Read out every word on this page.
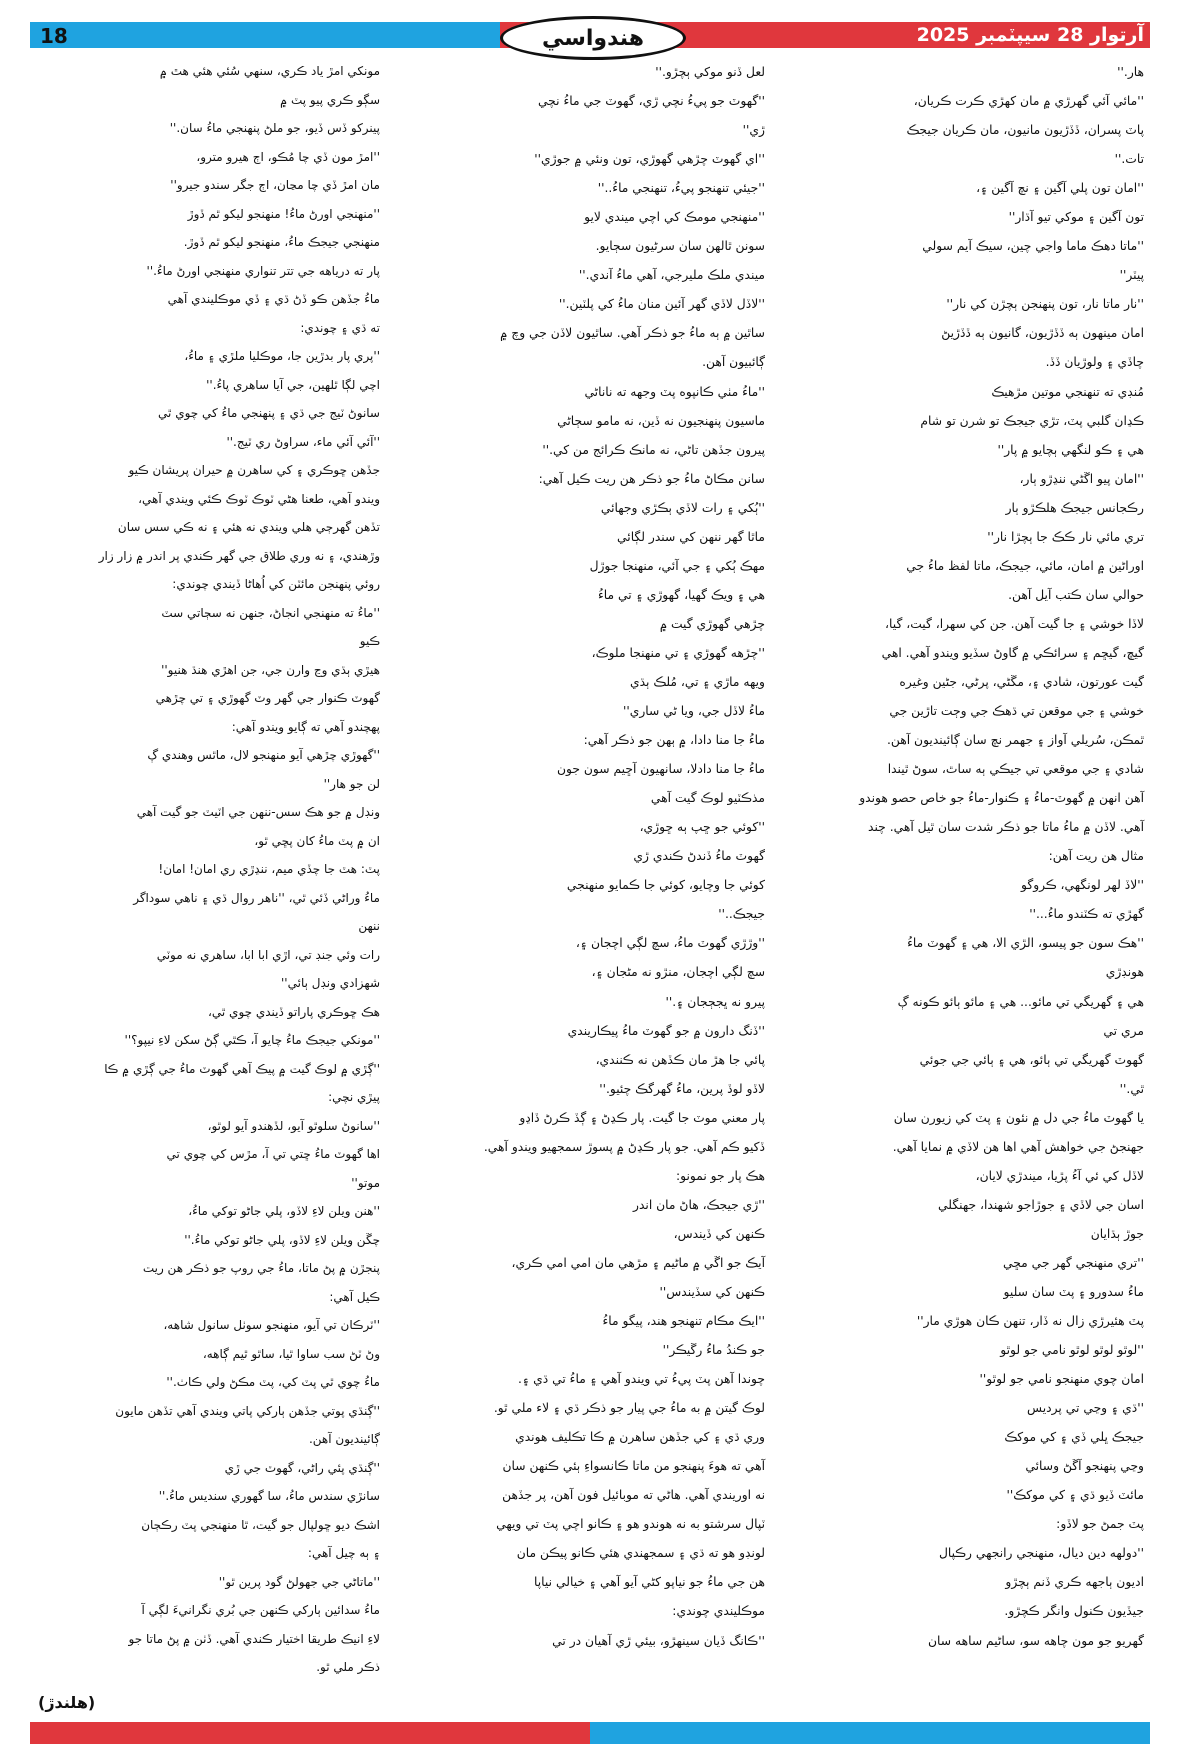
18	هندواسي	آرتوار 28 سيپٽمبر 2025

هار.''

''مائي آئي گهرڙي ۾ مان کهڙي ڪرت ڪريان،

پاٽ پسران، ڏڏڙيون مانيون، مان ڪريان جيجڪ

تات.''

''امان تون پلي آگين ۽ نچ آگين ۽،

تون آگين ۽ موکي تيو آڌار''

''ماتا دهڪ ماما واجي چين، سيڪ آيم سولي

پيٽر''

''نار ماتا نار، تون پنهنجن ٻچڙن کي نار''

امان مينهون ٻه ڏڏڙيون، گانيون ٻه ڏڏڙيڻ

چاڏي ۽ ولوڙيان ڏڏ.

مُنڊي ته تنهنجي موتين مڙهيڪ

ڪڍان گلبي پٽ، تڙي جيجڪ تو شرن تو شام

هي ۽ ڪو لنگهي ٻچايو ۾ پار''

''امان پيو اڱڻي ننڍڙو ٻار،

رڪجانس جيجڪ هلڪڙو ٻار

تري مائي نار ڪڪ جا ٻچڙا نار''

اوراڻين ۾ امان، مائي، جيجڪ، ماتا لفظ ماءُ جي

حوالي سان ڪتب آيل آهن.

لاڏا خوشي ۽ جا گيت آهن. جن کي سهرا، گيت، گيا،

گيڇ، گيڇم ۽ سرائڪي ۾ گاوڻ سڏيو ويندو آهي. اهي

گيت عورتون، شادي ۽، مڱڻي، پرڻي، جڻين وغيره

خوشي ۽ جي موقعن تي ڌهڪ جي وڄت تاڙين جي

ٿمڪن، سُريلي آواز ۽ جهمر نچ سان ڳائينديون آهن.

شادي ۽ جي موقعي تي جيڪي ٻه ساٿ، سوڻ ٿيندا

آهن انهن ۾ گهوٽ-ماءُ ۽ ڪنوار-ماءُ جو خاص حصو هوندو

آهي. لاڏن ۾ ماءُ ماتا جو ذڪر شدت سان ٿيل آهي. چند

مثال هن ريت آهن:

''لاڏ لهر لونگهي، ڪروگو

گهڙي ته ڪٽندو ماءُ...''

''هڪ سون جو پيسو، الڙي الا، هي ۽ گهوٽ ماءُ

هونڊڙي

هي ۽ گهريگي تي مائو... هي ۽ مائو ٻائو ڪونه ڳ

مري تي

گهوٽ گهريگي تي ٻائو، هي ۽ ٻائي جي جوئي

ٿي.''

يا گهوٽ ماءُ جي دل ۾ نئون ۽ پٽ کي زيورن سان

جهنجڻ جي خواهش آهي اها هن لاڏي ۾ نمايا آهي.

لاڏل کي ئي آءُ پڙيا، ميندڙي لايان،

اسان جي لاڏي ۽ جوڙاجو شهندا، جهنگلي

جوڙ ٻڌايان

''تري منهنجي گهر جي مڇي

ماءُ سدورو ۽ پٽ سان سليو

پٽ هئيرڙي زال نه ڏار، تنهن ڪان هوڙي مار''

''لوٿو لوٿو لوٿو نامي جو لوٿو

امان چوي منهنجو نامي جو لوٿو''

''ڌي ۽ وڃي تي پرديس

جيجڪ ڀلي ڏي ۽ کي موکڪ

وڃي پنهنجو آڱڻ وسائي

مائٽ ڏيو ڌي ۽ کي موکڪ''

پٽ جمڻ جو لاڏو:

''دولهه دين ديال، منهنجي رانجهي رڪپال

اديون ٻاجهه ڪري ڏنم ٻچڙو

جيڏيون ڪنول وانگر ڪچڙو.

گهريو جو مون چاهه سو، ساڻيم ساهه سان

لعل ڏنو موکي ٻچڙو.''

''گهوٽ جو پيءُ نچي ڙي، گهوٽ جي ماءُ نچي

ڙي''

''اي گهوٽ چڙهي گهوڙي، تون ونئي ۾ جوڙي''

''جيئي تنهنجو پيءُ، تنهنجي ماءُ..''

''منهنجي مومڪ کي اچي ميندي لايو

سونن ٿالهن سان سرڻيون سڄايو.

ميندي ملڪ مليرجي، آهي ماءُ آندي.''

''لاڏل لاڏي گهر آئين منان ماءُ کي پلٽين.''

ساٿين ۾ ٻه ماءُ جو ذڪر آهي. ساٿيون لاڏن جي وچ ۾

ڳائبيون آهن.

''ماءُ مٺي ڪانپوه پٽ وجهه ته ناناڻي

ماسيون پنهنجيون نه ڏين، نه مامو سڄاڻي

پيرون جڏهن تاڻي، نه مانڪ ڪرائج من کي.''

سانن مڪاڻ ماءُ جو ذڪر هن ريت ڪيل آهي:

''ٻُکي ۽ رات لاڏي ٻڪڙي وجهائي

ماٿا گهر ننهن کي سندر لڳائي

مهڪ ٻُکي ۽ جي آئي، منهنجا جوڙل

هي ۽ ويڪ گهيا، گهوڙي ۽ تي ماءُ

چڙهي گهوڙي گيت ۾

''چڙهه گهوڙي ۽ تي منهنجا ملوڪ،

ويهه ماڙي ۽ تي، مُلڪ ٻڌي

ماءُ لاڏل جي، ويا ڻي ساري''

ماءُ جا منا دادا، ۾ ٻهن جو ذڪر آهي:

ماءُ جا منا دادلا، سانهيون آڇيم سون جون

مذڪٽيو لوڪ گيت آهي

''کوئي جو ڇپ ٻه ڇوڙي،

گهوٽ ماءُ ڏندڻ ڪندي ڙي

کوئي جا وچايو، کوئي جا ڪمايو منهنجي

جيجڪ..''

''وڙڙي گهوٽ ماءُ، سچ لڳي اچجان ۽،

سچ لڳي اچجان، منڙو نه مڻجان ۽،

پيرو نه ڀجڄجان ۽.''

''ڏنگ دارون ۾ جو گهوٽ ماءُ پيڪاريندي

پائي جا هڙ مان ڪڏهن نه ڪنندي،

لاڏو لوڏ پرين، ماءُ گهرگڪ چئيو.''

پار معني موٽ جا گيت. پار ڪڍڻ ۽ ڳڏ ڪرڻ ڏاڍو

ڏکيو ڪم آهي. جو پار ڪڍڻ ۾ پسوڙ سمجهيو ويندو آهي.

هڪ پار جو نمونو:

''ڙي جيجڪ، هاڻ مان اندر

ڪنهن کي ڏيندس،

آيڪ جو اڱي ۾ ماڻيم ۽ مڙهي مان امي امي ڪري،

ڪنهن کي سڏيندس''

''ايڪ مڪام تنهنجو هند، پيگو ماءُ

جو ڪندُ ماءُ رڱيڪر''

چوندا آهن پٽ پيءُ تي ويندو آهي ۽ ماءُ تي ڌي ۽.

لوڪ گيتن ۾ به ماءُ جي پيار جو ذڪر ڌي ۽ لاء ملي ٿو.

وري ڌي ۽ کي جڏهن ساهرن ۾ ڪا تڪليف هوندي

آهي ته هوءَ پنهنجو من ماتا ڪانسواءِ ٻئي ڪنهن سان

نه اوريندي آهي. هاڻي ته موبائيل فون آهن، پر جڏهن

ٽپال سرشتو به نه هوندو هو ۽ ڪانو اچي پٽ تي ويهي

لونڊو هو ته ڌي ۽ سمجهندي هئي ڪانو پيڪن مان

هن جي ماءُ جو نياپو کڻي آيو آهي ۽ خيالي نياپا

موڪليندي چوندي:

''ڪانگ ڏيان سينهڙو، بيئي ڙي آهيان در تي

مونکي امڙ ياد ڪري، سنهي سُئي هئي هٿ ۾

سڳو ڪري پيو پٽ ۾

پينرکو ڏس ڏيو، جو ملڻ پنهنجي ماءُ سان.''

''امڙ مون ڏي چا مُڪو، اڄ هيرو مترو،

مان امڙ ڏي چا مڃان، اڄ جگر سندو جيرو''

''منهنجي اورڻ ماءُ! منهنجو ليکو ٿم ڏوڙ

منهنجي جيجڪ ماءُ، منهنجو ليکو ٿم ڏوڙ.

پار ته درياهه جي تتر تنواري منهنجي اورڻ ماءُ.''

ماءُ جڏهن ڪو ڏڻ ڌي ۽ ڏي موڪليندي آهي

ته ڌي ۽ چوندي:

''پري پار بدڙين جا، موڪليا ملڙي ۽ ماءُ،

اچي لڳا ٿلهين، جي آيا ساهري پاءُ.''

سانوڻ ٽيج جي ڌي ۽ پنهنجي ماءُ کي چوي ٿي

''آئي آئي ماء، سراوڻ ري ٽيج.''

جڏهن ڇوڪري ۽ کي ساهرن ۾ حيران پريشان ڪيو

ويندو آهي، طعنا هڻي ٽوڪ ٽوڪ ڪئي ويندي آهي،

تڏهن گهرڄي هلي ويندي نه هئي ۽ نه ڪي سس سان

وڙهندي، ۽ نه وري طلاق جي گهر ڪندي پر اندر ۾ زار زار

روئي پنهنجن مائٽن کي اُهاڻا ڏيندي چوندي:

''ماءُ ته منهنجي انجاڻ، جنهن نه سڄاتي سٽ

ڪيو

هيڙي ٻڌي وڃ وارن جي، جن اهڙي هنڌ هنيو''

گهوٽ ڪنوار جي گهر وٽ گهوڙي ۽ تي چڙهي

پهچندو آهي ته ڳايو ويندو آهي:

''گهوڙي چڙهي آيو منهنجو لال، ماٿس وهندي ڳ

لن جو هار''

ونڊل ۾ جو هڪ سس-ننهن جي اٽيٽ جو گيت آهي

ان ۾ پٽ ماءُ کان پڇي ٿو،

پٽ: هٽ جا چڏي ميم، ننڍڙي ري امان! امان!

ماءُ وراڻي ڏئي ٿي، ''ناهر روال ڌي ۽ ناهي سوداگر

ننهن

رات وئي جنڊ تي، اڙي ابا ابا، ساهري نه موٽي

شهزادي ونڊل ٻائي''

هڪ ڇوڪري پاراتو ڏيندي چوي ٿي،

''مونکي جيجڪ ماءُ چايو آ، ڪٿي ڳڻ سکن لاءِ نيپو؟''

''ڳڙي ۾ لوڪ گيت ۾ پيڪ آهي گهوٽ ماءُ جي ڳڙي ۾ ڪا

پيڙي نچي:

''سانوڻ سلوٿو آيو، لڏهندو آيو لوٿو،

اها گهوٽ ماءُ ڇتي تي آ، مڙس کي چوي تي

موتو''

''هنن ويلن لاءِ لاڏو، پلي جاڻو توکي ماءُ،

چڱن ويلن لاءِ لاڏو، پلي جاڻو توکي ماءُ.''

پنجڙن ۾ پڻ ماتا، ماءُ جي روپ جو ذڪر هن ريت

ڪيل آهي:

''ٽرڪان تي آيو، منهنجو سوٺل سانول شاهه،

وڻ ٽڻ سب ساوا ٿيا، ساٿو ٿيم ڳاهه،

ماءُ چوي ٿي پٽ کي، پٽ مڪڻ ولي ڪاٺ.''

''ڳنڌي پوتي جڏهن ٻارکي پاتي ويندي آهي تڏهن مايون

ڳائينديون آهن.

''ڳنڌي پئي راڻي، گهوٽ جي ڙي

سانڙي سندس ماءُ، سا گهوري سنديس ماءُ.''

اشڪ ديو ڇولپال جو گيت، ٿا منهنجي پٽ رڪڄان

۽ ٻه چيل آهي:

''ماتاڻي جي جهولڻ گود پرين ٿو''

ماءُ سدائين ٻارکي ڪنهن جي بُري نگرانيءَ لڳي آ

لاءِ انيڪ طريقا اختيار ڪندي آهي. ڏٺن ۾ پڻ ماتا جو

ذڪر ملي ٿو.

(هلندڙ)
